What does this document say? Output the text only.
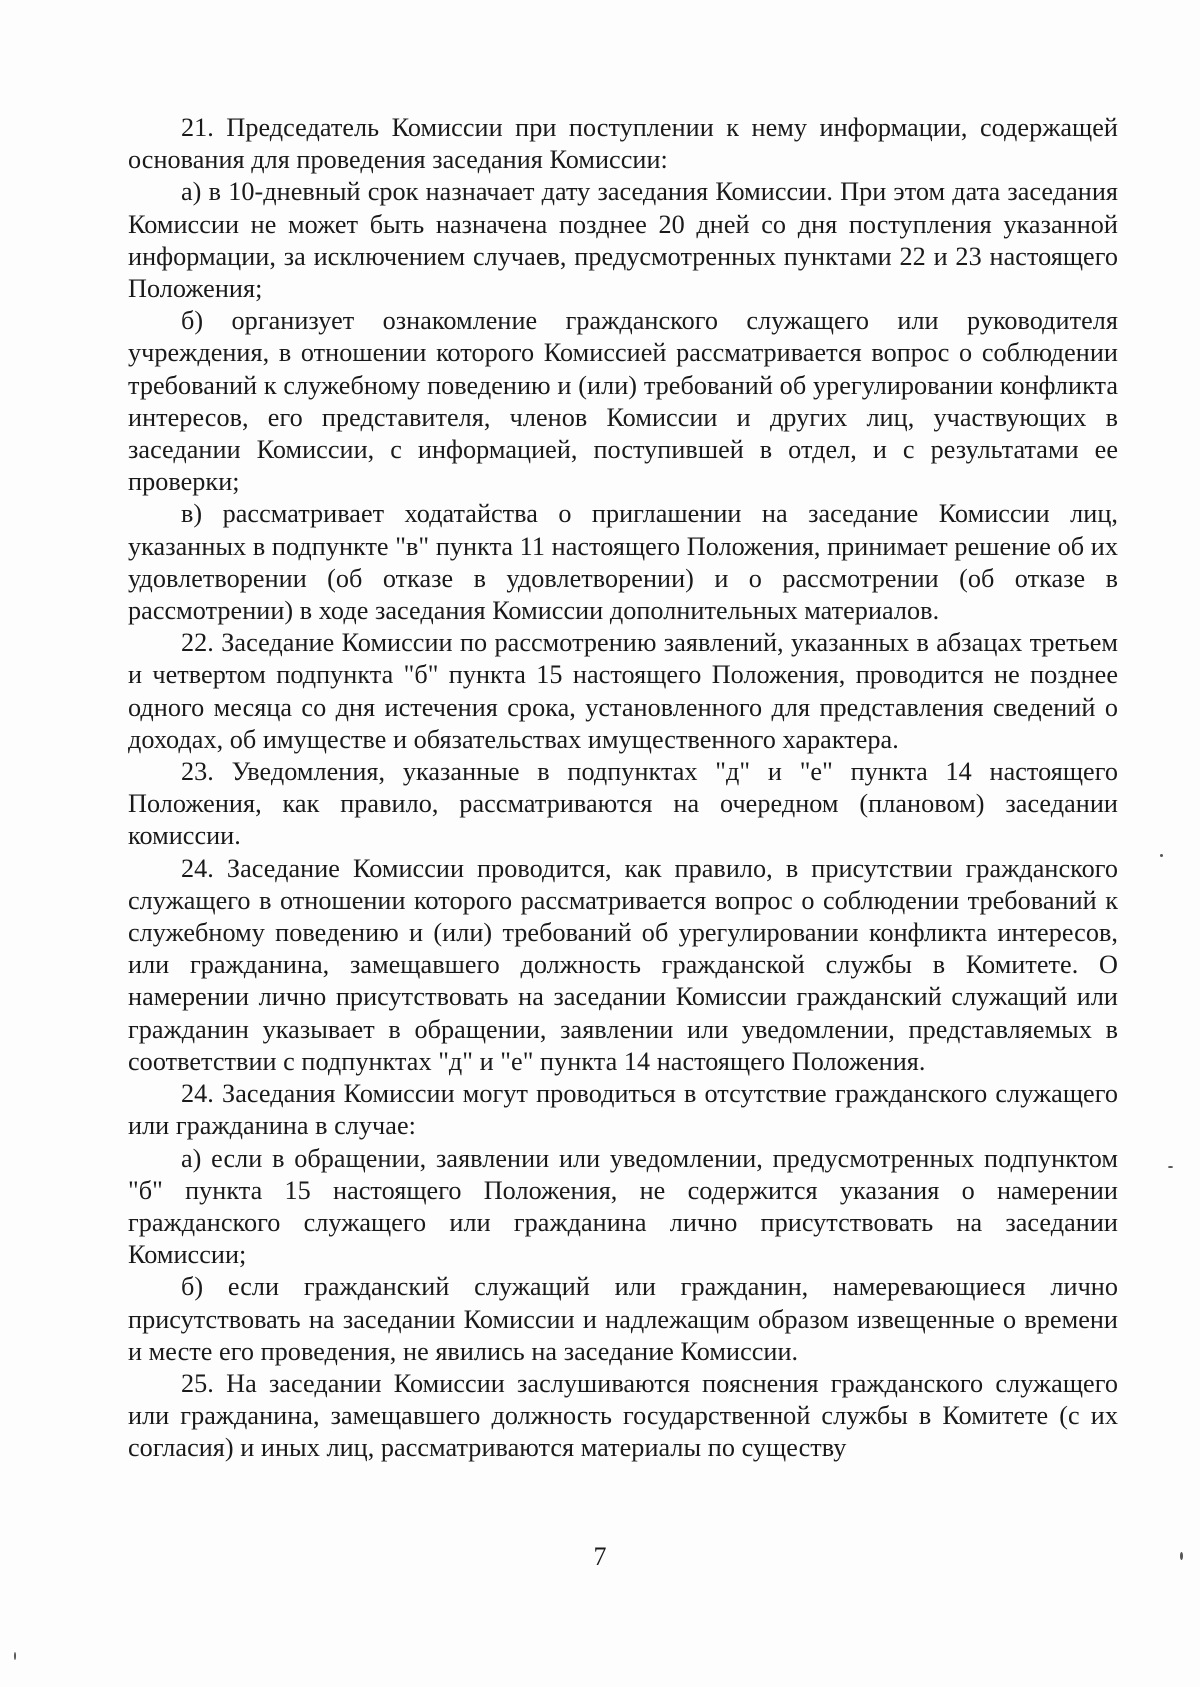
21. Председатель Комиссии при поступлении к нему информации, содержащей основания для проведения заседания Комиссии:

а) в 10-дневный срок назначает дату заседания Комиссии. При этом дата заседания Комиссии не может быть назначена позднее 20 дней со дня поступления указанной информации, за исключением случаев, предусмотренных пунктами 22 и 23 настоящего Положения;

б) организует ознакомление гражданского служащего или руководителя учреждения, в отношении которого Комиссией рассматривается вопрос о соблюдении требований к служебному поведению и (или) требований об урегулировании конфликта интересов, его представителя, членов Комиссии и других лиц, участвующих в заседании Комиссии, с информацией, поступившей в отдел, и с результатами ее проверки;

в) рассматривает ходатайства о приглашении на заседание Комиссии лиц, указанных в подпункте "в" пункта 11 настоящего Положения, принимает решение об их удовлетворении (об отказе в удовлетворении) и о рассмотрении (об отказе в рассмотрении) в ходе заседания Комиссии дополнительных материалов.

22. Заседание Комиссии по рассмотрению заявлений, указанных в абзацах третьем и четвертом подпункта "б" пункта 15 настоящего Положения, проводится не позднее одного месяца со дня истечения срока, установленного для представления сведений о доходах, об имуществе и обязательствах имущественного характера.

23. Уведомления, указанные в подпунктах "д" и "е" пункта 14 настоящего Положения, как правило, рассматриваются на очередном (плановом) заседании комиссии.

24. Заседание Комиссии проводится, как правило, в присутствии гражданского служащего в отношении которого рассматривается вопрос о соблюдении требований к служебному поведению и (или) требований об урегулировании конфликта интересов, или гражданина, замещавшего должность гражданской службы в Комитете. О намерении лично присутствовать на заседании Комиссии гражданский служащий или гражданин указывает в обращении, заявлении или уведомлении, представляемых в соответствии с подпунктах "д" и "е" пункта 14 настоящего Положения.

24. Заседания Комиссии могут проводиться в отсутствие гражданского служащего или гражданина в случае:

а) если в обращении, заявлении или уведомлении, предусмотренных подпунктом "б" пункта 15 настоящего Положения, не содержится указания о намерении гражданского служащего или гражданина лично присутствовать на заседании Комиссии;

б) если гражданский служащий или гражданин, намеревающиеся лично присутствовать на заседании Комиссии и надлежащим образом извещенные о времени и месте его проведения, не явились на заседание Комиссии.

25. На заседании Комиссии заслушиваются пояснения гражданского служащего или гражданина, замещавшего должность государственной службы в Комитете (с их согласия) и иных лиц, рассматриваются материалы по существу

7
